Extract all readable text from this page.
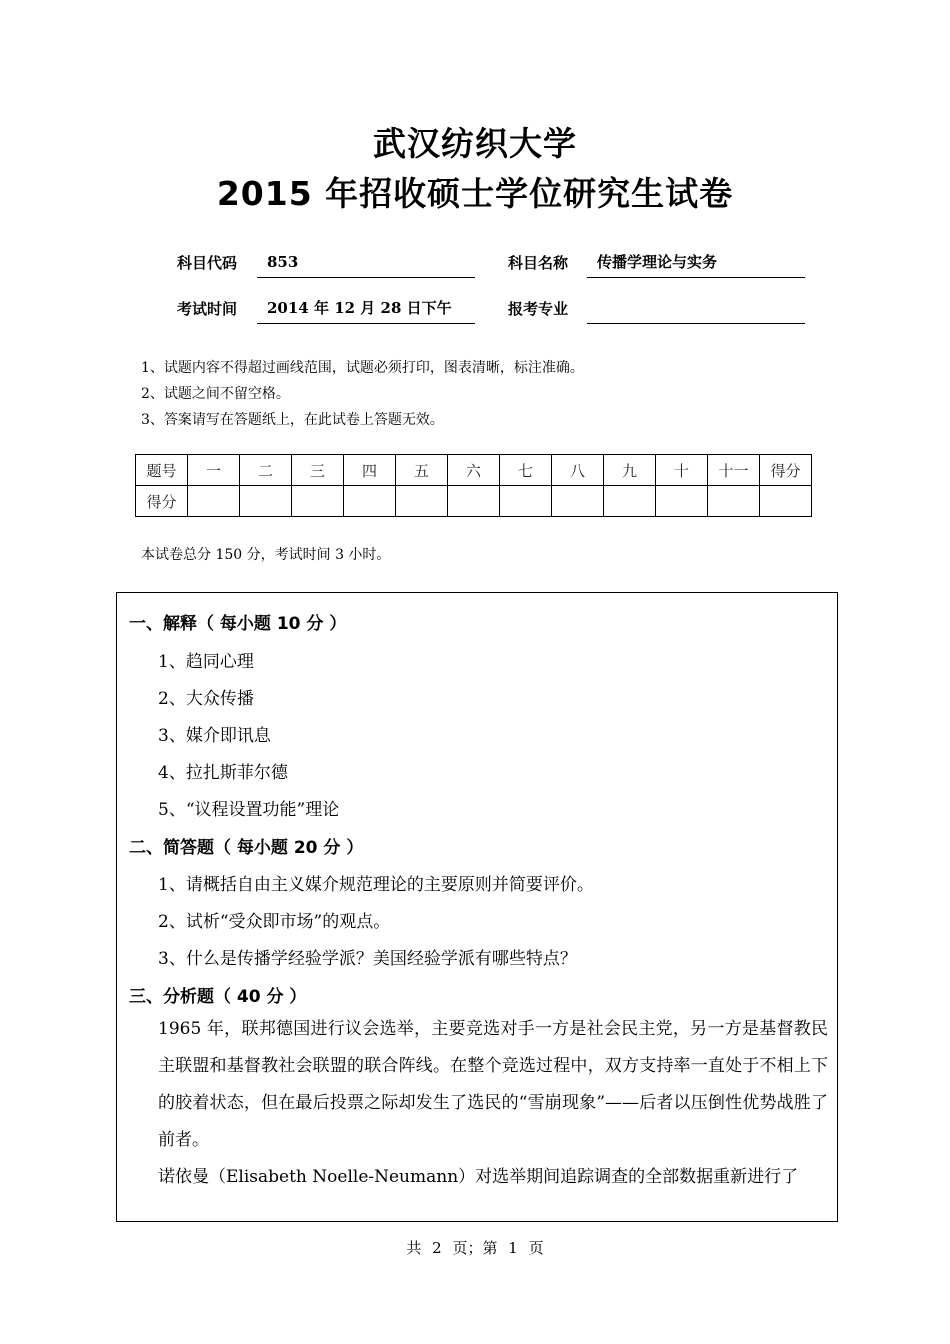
武汉纺织大学
2015 年招收硕士学位研究生试卷
科目代码	853	科目名称	传播学理论与实务
考试时间	2014 年 12 月 28 日下午	报考专业
1、试题内容不得超过画线范围，试题必须打印，图表清晰，标注准确。
2、试题之间不留空格。
3、答案请写在答题纸上，在此试卷上答题无效。
题号	一	二	三	四	五	六	七	八	九	十	十一	得分
得分												
本试卷总分 150 分，考试时间 3 小时。
一、解释（ 每小题 10 分 ）
1、趋同心理
2、大众传播
3、媒介即讯息
4、拉扎斯菲尔德
5、“议程设置功能”理论
二、简答题（ 每小题 20 分 ）
1、请概括自由主义媒介规范理论的主要原则并简要评价。
2、试析“受众即市场”的观点。
3、什么是传播学经验学派？美国经验学派有哪些特点？
三、分析题（ 40 分 ）

1965 年，联邦德国进行议会选举，主要竞选对手一方是社会民主党，另一方是基督教民主联盟和基督教社会联盟的联合阵线。在整个竞选过程中，双方支持率一直处于不相上下的胶着状态，但在最后投票之际却发生了选民的“雪崩现象”——后者以压倒性优势战胜了前者。

诺依曼（Elisabeth Noelle-Neumann）对选举期间追踪调查的全部数据重新进行了

共 2 页；第 1 页
